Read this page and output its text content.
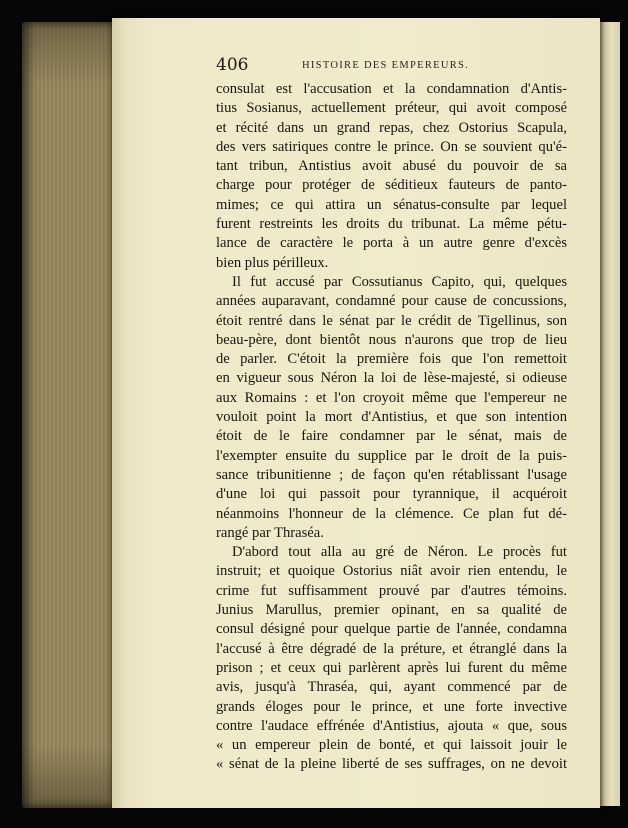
406	HISTOIRE DES EMPEREURS.
consulat est l'accusation et la condamnation d'Antis-
tius Sosianus, actuellement préteur, qui avoit composé
et récité dans un grand repas, chez Ostorius Scapula,
des vers satiriques contre le prince. On se souvient qu'é-
tant tribun, Antistius avoit abusé du pouvoir de sa
charge pour protéger de séditieux fauteurs de panto-
mimes; ce qui attira un sénatus-consulte par lequel
furent restreints les droits du tribunat. La même pétu-
lance de caractère le porta à un autre genre d'excès
bien plus périlleux.
Il fut accusé par Cossutianus Capito, qui, quelques
années auparavant, condamné pour cause de concussions,
étoit rentré dans le sénat par le crédit de Tigellinus, son
beau-père, dont bientôt nous n'aurons que trop de lieu
de parler. C'étoit la première fois que l'on remettoit
en vigueur sous Néron la loi de lèse-majesté, si odieuse
aux Romains : et l'on croyoit même que l'empereur ne
vouloit point la mort d'Antistius, et que son intention
étoit de le faire condamner par le sénat, mais de
l'exempter ensuite du supplice par le droit de la puis-
sance tribunitienne ; de façon qu'en rétablissant l'usage
d'une loi qui passoit pour tyrannique, il acquéroit
néanmoins l'honneur de la clémence. Ce plan fut dé-
rangé par Thraséa.
D'abord tout alla au gré de Néron. Le procès fut
instruit; et quoique Ostorius niât avoir rien entendu, le
crime fut suffisamment prouvé par d'autres témoins.
Junius Marullus, premier opinant, en sa qualité de
consul désigné pour quelque partie de l'année, condamna
l'accusé à être dégradé de la préture, et étranglé dans la
prison ; et ceux qui parlèrent après lui furent du même
avis, jusqu'à Thraséa, qui, ayant commencé par de
grands éloges pour le prince, et une forte invective
contre l'audace effrénée d'Antistius, ajouta « que, sous
« un empereur plein de bonté, et qui laissoit jouir le
« sénat de la pleine liberté de ses suffrages, on ne devoit
